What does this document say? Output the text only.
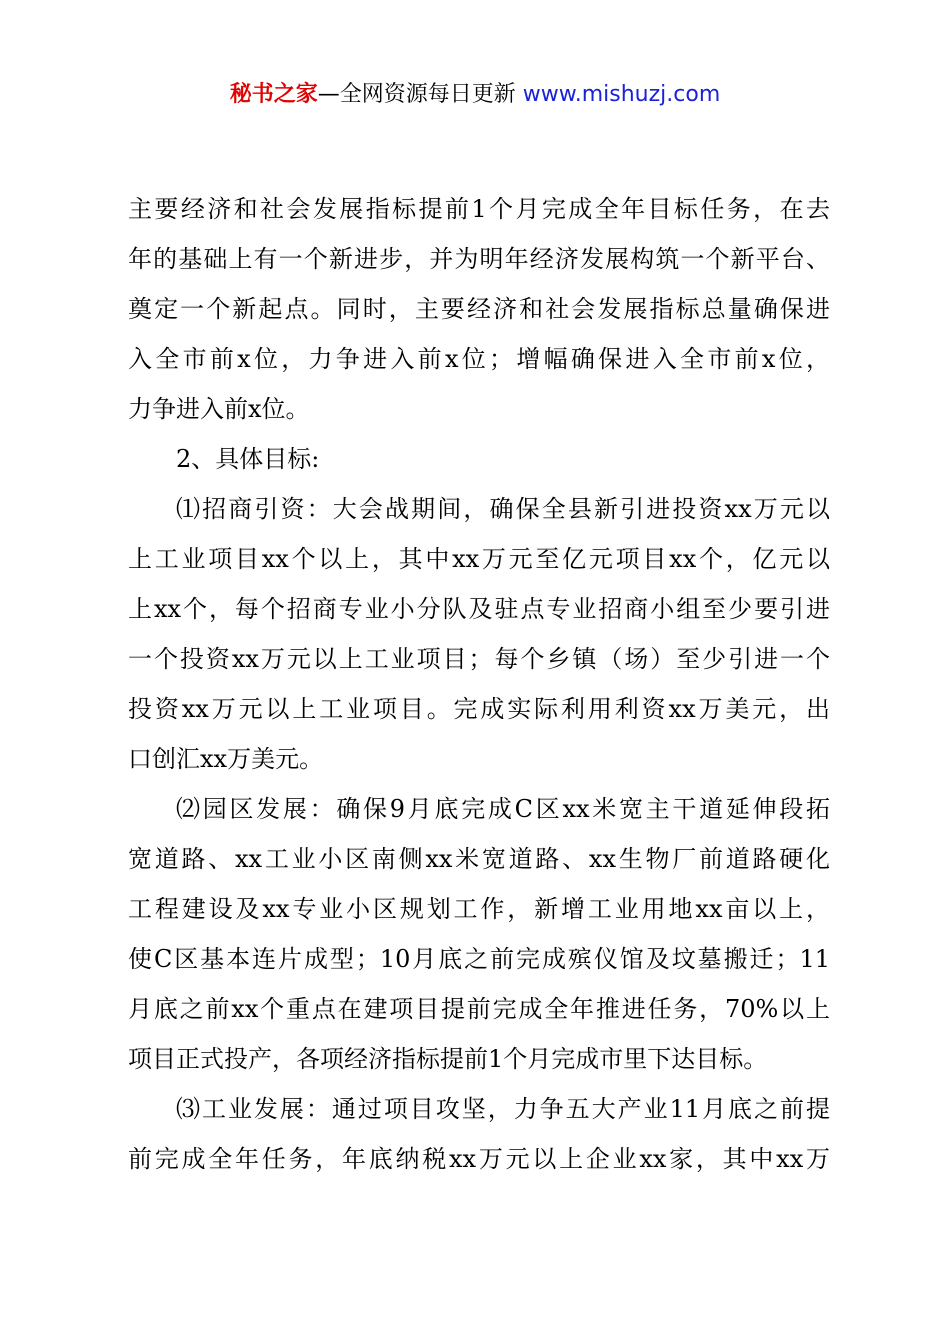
秘书之家—全网资源每日更新 www.mishuzj.com
主要经济和社会发展指标提前1个月完成全年目标任务，在去
年的基础上有一个新进步，并为明年经济发展构筑一个新平台、
奠定一个新起点。同时，主要经济和社会发展指标总量确保进
入全市前x位，力争进入前x位；增幅确保进入全市前x位，
力争进入前x位。
2、具体目标:
⑴招商引资：大会战期间，确保全县新引进投资xx万元以
上工业项目xx个以上，其中xx万元至亿元项目xx个，亿元以
上xx个，每个招商专业小分队及驻点专业招商小组至少要引进
一个投资xx万元以上工业项目；每个乡镇（场）至少引进一个
投资xx万元以上工业项目。完成实际利用利资xx万美元，出
口创汇xx万美元。
⑵园区发展：确保9月底完成C区xx米宽主干道延伸段拓
宽道路、xx工业小区南侧xx米宽道路、xx生物厂前道路硬化
工程建设及xx专业小区规划工作，新增工业用地xx亩以上，
使C区基本连片成型；10月底之前完成殡仪馆及坟墓搬迁；11
月底之前xx个重点在建项目提前完成全年推进任务，70%以上
项目正式投产，各项经济指标提前1个月完成市里下达目标。
⑶工业发展：通过项目攻坚，力争五大产业11月底之前提
前完成全年任务，年底纳税xx万元以上企业xx家，其中xx万
